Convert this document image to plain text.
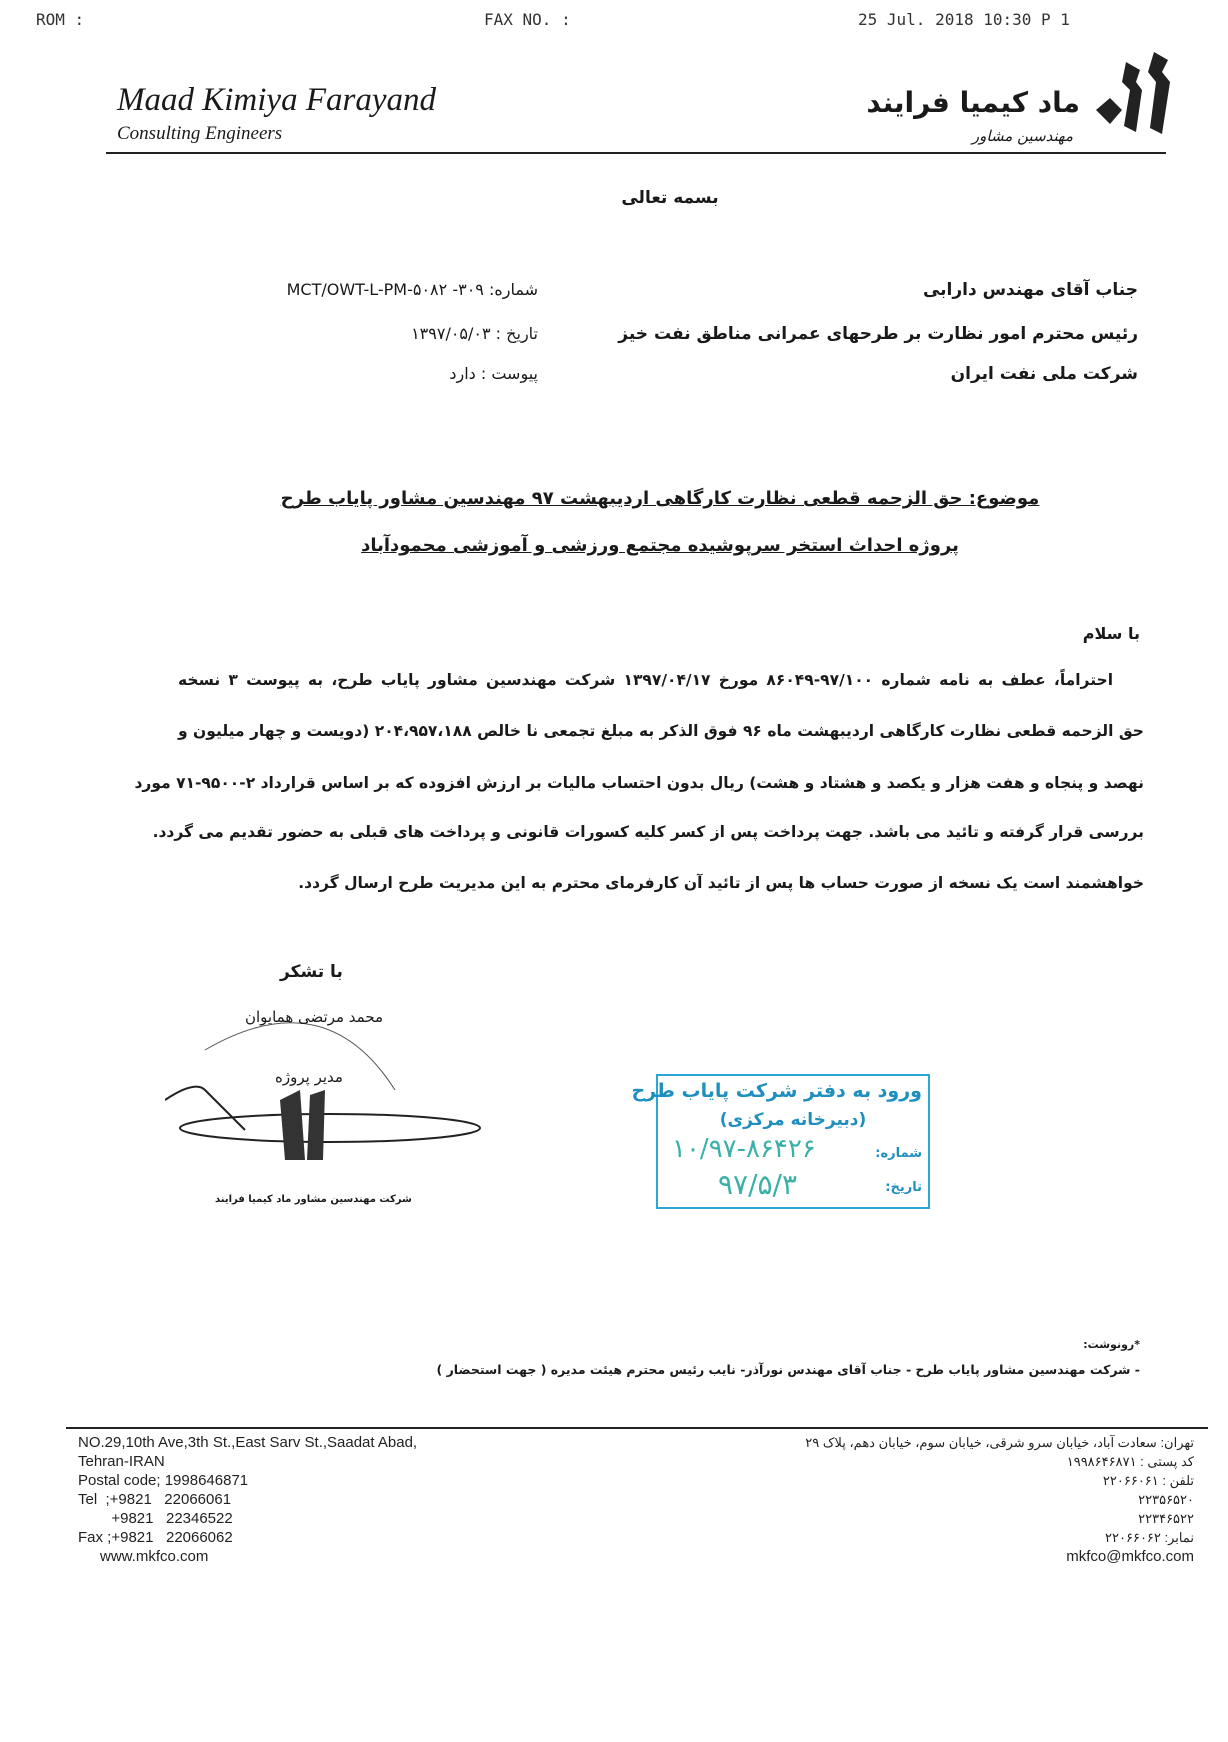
ROM :	FAX NO. :	25 Jul. 2018 10:30 P 1
Maad Kimiya Farayand
Consulting Engineers
ماد کیمیا فرایند
مهندسین مشاور
بسمه تعالی
جناب آقای مهندس دارابی
رئیس محترم امور نظارت بر طرحهای عمرانی مناطق نفت خیز
شرکت ملی نفت ایران
شماره: ۳۰۹- MCT/OWT-L-PM-۵۰۸۲
تاریخ : ۱۳۹۷/۰۵/۰۳
پیوست : دارد
موضوع: حق الزحمه قطعی نظارت کارگاهی اردیبهشت ۹۷ مهندسین مشاور پایاب طرح
پروژه احداث استخر سرپوشیده مجتمع ورزشی و آموزشی محمودآباد
با سلام
احتراماً، عطف به نامه شماره ۹۷/۱۰۰-۸۶۰۴۹ مورخ ۱۳۹۷/۰۴/۱۷ شرکت مهندسین مشاور پایاب طرح، به پیوست ۳ نسخه
حق الزحمه قطعی نظارت کارگاهی اردیبهشت ماه ۹۶ فوق الذکر به مبلغ تجمعی نا خالص ۲۰۴،۹۵۷،۱۸۸ (دویست و چهار میلیون و
نهصد و پنجاه و هفت هزار و یکصد و هشتاد و هشت) ریال بدون احتساب مالیات بر ارزش افزوده که بر اساس قرارداد ۲-۹۵۰۰-۷۱ مورد
بررسی قرار گرفته و تائید می باشد. جهت پرداخت پس از کسر کلیه کسورات قانونی و پرداخت های قبلی به حضور تقدیم می گردد.
خواهشمند است یک نسخه از صورت حساب ها پس از تائید آن کارفرمای محترم به این مدیریت طرح ارسال گردد.
با تشکر
محمد مرتضی همایوان
مدیر پروژه
شرکت مهندسین مشاور ماد کیمیا فرایند
ورود به دفتر شرکت پایاب طرح
(دبیرخانه مرکزی)
شماره:
۱۰/۹۷-۸۶۴۲۶
تاریخ:
۹۷/۵/۳
*رونوشت:
- شرکت مهندسین مشاور پایاب طرح - جناب آقای مهندس نورآذر- نایب رئیس محترم هیئت مدیره ( جهت استحضار )
NO.29,10th Ave,3th St.,East Sarv St.,Saadat Abad,
Tehran-IRAN
Postal code; 1998646871
Tel  ;+9821   22066061
+9821   22346522
Fax ;+9821   22066062
www.mkfco.com
تهران: سعادت آباد، خیابان سرو شرقی، خیابان سوم، خیابان دهم، پلاک ۲۹
کد پستی : ۱۹۹۸۶۴۶۸۷۱
تلفن : ۲۲۰۶۶۰۶۱
۲۲۳۵۶۵۲۰
۲۲۳۴۶۵۲۲
نمابر: ۲۲۰۶۶۰۶۲
mkfco@mkfco.com
